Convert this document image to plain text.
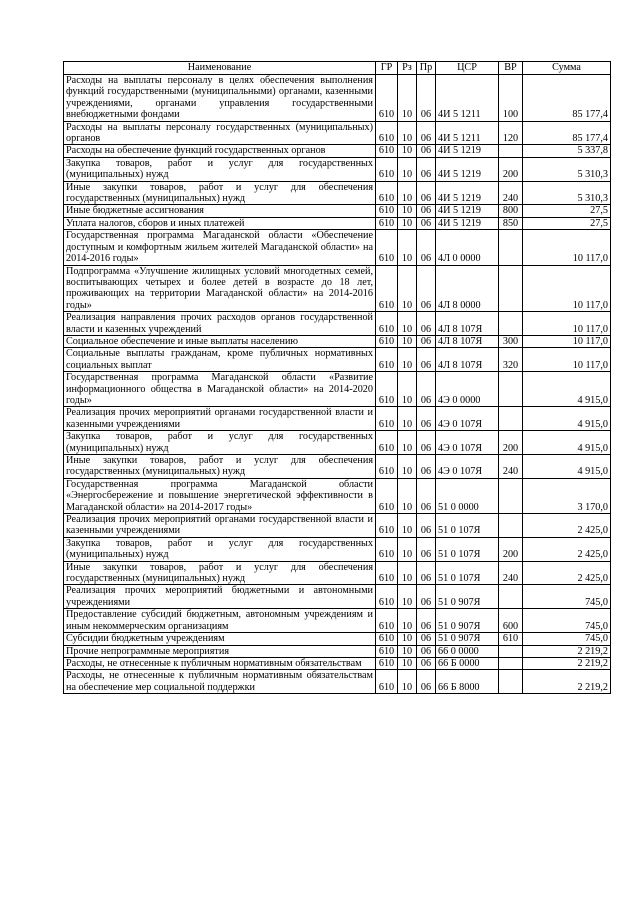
Наименование	ГР	Рз	Пр	ЦСР	ВР	Сумма
Расходы на выплаты персоналу в целях обеспечения выполнения функций государственными (муниципальными) органами, казенными учреждениями, органами управления государственными внебюджетными фондами	610	10	06	4И 5 1211	100	85 177,4
Расходы на выплаты персоналу государственных (муниципальных) органов	610	10	06	4И 5 1211	120	85 177,4
Расходы на обеспечение функций государственных органов	610	10	06	4И 5 1219		5 337,8
Закупка товаров, работ и услуг для государственных (муниципальных) нужд	610	10	06	4И 5 1219	200	5 310,3
Иные закупки товаров, работ и услуг для обеспечения государственных (муниципальных) нужд	610	10	06	4И 5 1219	240	5 310,3
Иные бюджетные ассигнования	610	10	06	4И 5 1219	800	27,5
Уплата налогов, сборов и иных платежей	610	10	06	4И 5 1219	850	27,5
Государственная программа Магаданской области «Обеспечение доступным и комфортным жильем жителей Магаданской области» на 2014-2016 годы»	610	10	06	4Л 0 0000		10 117,0
Подпрограмма «Улучшение жилищных условий многодетных семей, воспитывающих четырех и более детей в возрасте до 18 лет, проживающих на территории Магаданской области» на 2014-2016 годы»	610	10	06	4Л 8 0000		10 117,0
Реализация направления прочих расходов органов государственной власти и казенных учреждений	610	10	06	4Л 8 107Я		10 117,0
Социальное обеспечение и иные выплаты населению	610	10	06	4Л 8 107Я	300	10 117,0
Социальные выплаты гражданам, кроме публичных нормативных социальных выплат	610	10	06	4Л 8 107Я	320	10 117,0
Государственная программа Магаданской области «Развитие информационного общества в Магаданской области» на 2014-2020 годы»	610	10	06	4Э 0 0000		4 915,0
Реализация прочих мероприятий органами государственной власти и казенными учреждениями	610	10	06	4Э 0 107Я		4 915,0
Закупка товаров, работ и услуг для государственных (муниципальных) нужд	610	10	06	4Э 0 107Я	200	4 915,0
Иные закупки товаров, работ и услуг для обеспечения государственных (муниципальных) нужд	610	10	06	4Э 0 107Я	240	4 915,0
Государственная программа Магаданской области «Энергосбережение и повышение энергетической эффективности в Магаданской области» на 2014-2017 годы»	610	10	06	51 0 0000		3 170,0
Реализация прочих мероприятий органами государственной власти и казенными учреждениями	610	10	06	51 0 107Я		2 425,0
Закупка товаров, работ и услуг для государственных (муниципальных) нужд	610	10	06	51 0 107Я	200	2 425,0
Иные закупки товаров, работ и услуг для обеспечения государственных (муниципальных) нужд	610	10	06	51 0 107Я	240	2 425,0
Реализация прочих мероприятий бюджетными и автономными учреждениями	610	10	06	51 0 907Я		745,0
Предоставление субсидий бюджетным, автономным учреждениям и иным некоммерческим организациям	610	10	06	51 0 907Я	600	745,0
Субсидии бюджетным учреждениям	610	10	06	51 0 907Я	610	745,0
Прочие непрограммные мероприятия	610	10	06	66 0 0000		2 219,2
Расходы, не отнесенные к публичным нормативным обязательствам	610	10	06	66 Б 0000		2 219,2
Расходы, не отнесенные к публичным нормативным обязательствам на обеспечение мер социальной поддержки	610	10	06	66 Б 8000		2 219,2
